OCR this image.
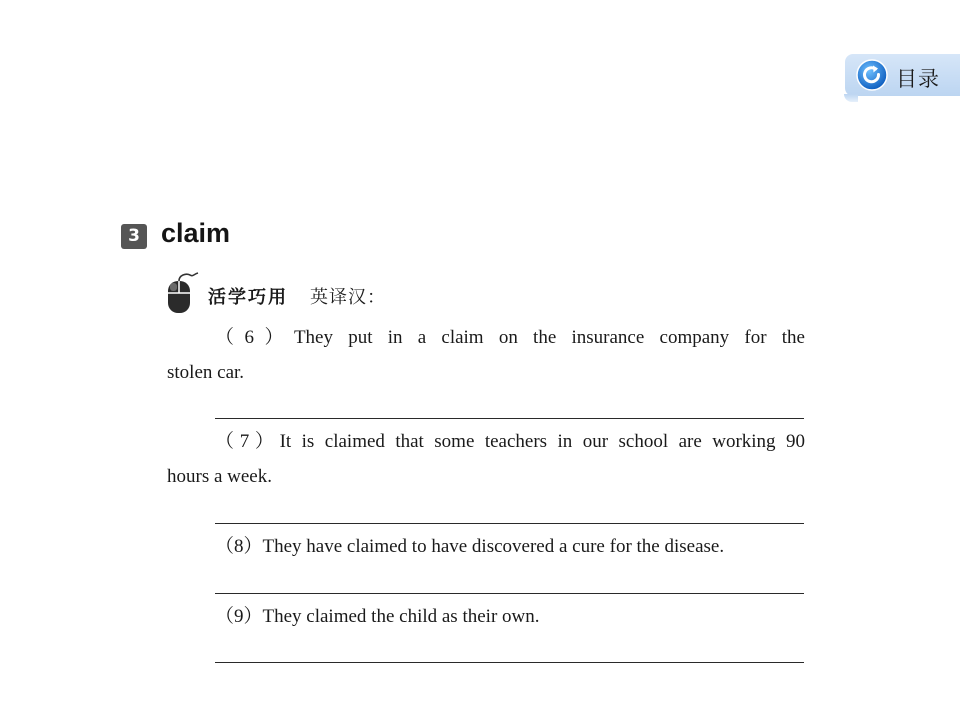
目录
3 claim
活学巧用 英译汉：
（6）They put in a claim on the insurance company for the
stolen car.
（7）It is claimed that some teachers in our school are working 90
hours a week.
（8）They have claimed to have discovered a cure for the disease.
（9）They claimed the child as their own.
